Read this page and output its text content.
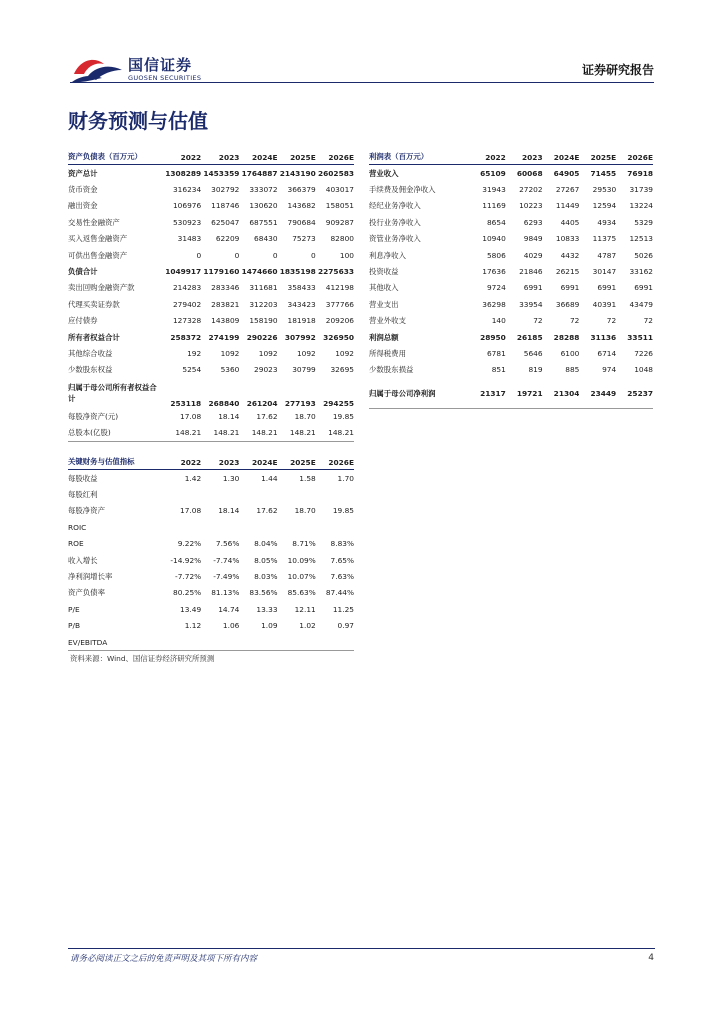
国信证券
GUOSEN SECURITIES
证券研究报告
财务预测与估值
资产负债表（百万元）	2022	2023	2024E	2025E	2026E
资产总计	1308289	1453359	1764887	2143190	2602583
货币资金	316234	302792	333072	366379	403017
融出资金	106976	118746	130620	143682	158051
交易性金融资产	530923	625047	687551	790684	909287
买入返售金融资产	31483	62209	68430	75273	82800
可供出售金融资产	0	0	0	0	100
负债合计	1049917	1179160	1474660	1835198	2275633
卖出回购金融资产款	214283	283346	311681	358433	412198
代理买卖证券款	279402	283821	312203	343423	377766
应付债券	127328	143809	158190	181918	209206
所有者权益合计	258372	274199	290226	307992	326950
其他综合收益	192	1092	1092	1092	1092
少数股东权益	5254	5360	29023	30799	32695
归属于母公司所有者权益合计	253118	268840	261204	277193	294255
每股净资产(元)	17.08	18.14	17.62	18.70	19.85
总股本(亿股)	148.21	148.21	148.21	148.21	148.21
利润表（百万元）	2022	2023	2024E	2025E	2026E
营业收入	65109	60068	64905	71455	76918
手续费及佣金净收入	31943	27202	27267	29530	31739
经纪业务净收入	11169	10223	11449	12594	13224
投行业务净收入	8654	6293	4405	4934	5329
资管业务净收入	10940	9849	10833	11375	12513
利息净收入	5806	4029	4432	4787	5026
投资收益	17636	21846	26215	30147	33162
其他收入	9724	6991	6991	6991	6991
营业支出	36298	33954	36689	40391	43479
营业外收支	140	72	72	72	72
利润总额	28950	26185	28288	31136	33511
所得税费用	6781	5646	6100	6714	7226
少数股东损益	851	819	885	974	1048
归属于母公司净利润	21317	19721	21304	23449	25237
关键财务与估值指标	2022	2023	2024E	2025E	2026E
每股收益	1.42	1.30	1.44	1.58	1.70
每股红利					
每股净资产	17.08	18.14	17.62	18.70	19.85
ROIC					
ROE	9.22%	7.56%	8.04%	8.71%	8.83%
收入增长	-14.92%	-7.74%	8.05%	10.09%	7.65%
净利润增长率	-7.72%	-7.49%	8.03%	10.07%	7.63%
资产负债率	80.25%	81.13%	83.56%	85.63%	87.44%
P/E	13.49	14.74	13.33	12.11	11.25
P/B	1.12	1.06	1.09	1.02	0.97
EV/EBITDA					
资料来源：Wind、国信证券经济研究所预测
请务必阅读正文之后的免责声明及其项下所有内容	4
